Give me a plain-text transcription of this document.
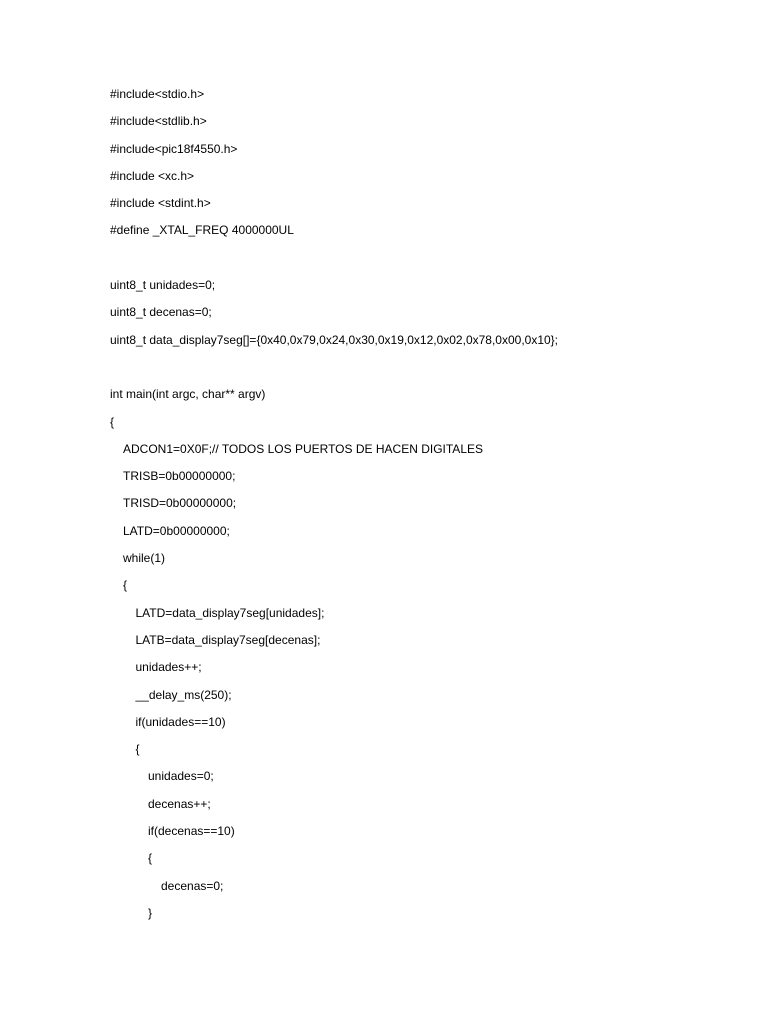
#include<stdio.h>
#include<stdlib.h>
#include<pic18f4550.h>
#include <xc.h>
#include <stdint.h>
#define _XTAL_FREQ 4000000UL
uint8_t unidades=0;
uint8_t decenas=0;
uint8_t data_display7seg[]={0x40,0x79,0x24,0x30,0x19,0x12,0x02,0x78,0x00,0x10};
int main(int argc, char** argv)
{
ADCON1=0X0F;// TODOS LOS PUERTOS DE HACEN DIGITALES
TRISB=0b00000000;
TRISD=0b00000000;
LATD=0b00000000;
while(1)
{
LATD=data_display7seg[unidades];
LATB=data_display7seg[decenas];
unidades++;
__delay_ms(250);
if(unidades==10)
{
unidades=0;
decenas++;
if(decenas==10)
{
decenas=0;
}
